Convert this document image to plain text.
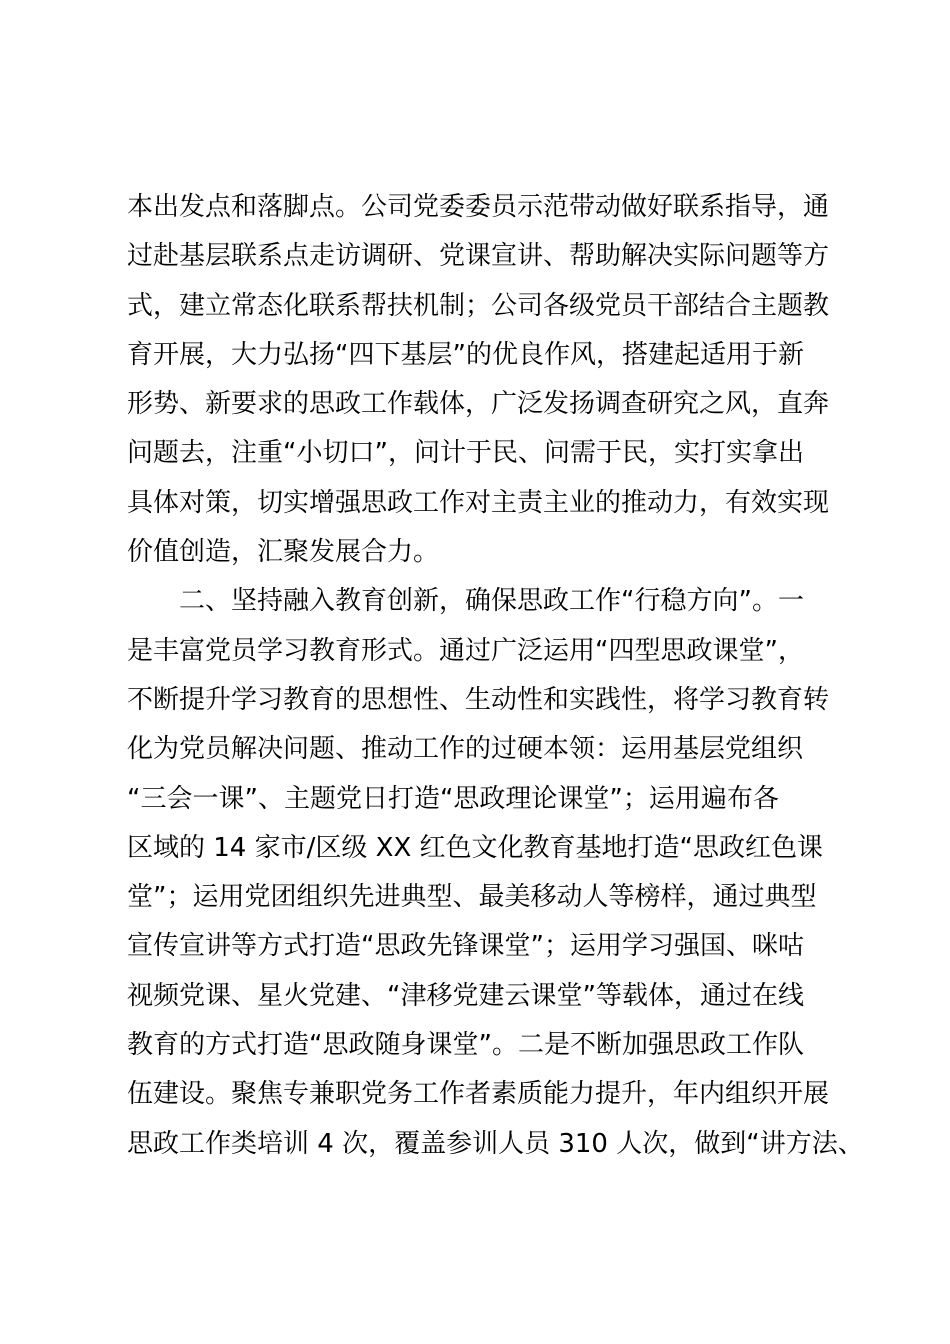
本出发点和落脚点。公司党委委员示范带动做好联系指导，通
过赴基层联系点走访调研、党课宣讲、帮助解决实际问题等方
式，建立常态化联系帮扶机制；公司各级党员干部结合主题教
育开展，大力弘扬“四下基层”的优良作风，搭建起适用于新
形势、新要求的思政工作载体，广泛发扬调查研究之风，直奔
问题去，注重“小切口”，问计于民、问需于民，实打实拿出
具体对策，切实增强思政工作对主责主业的推动力，有效实现
价值创造，汇聚发展合力。
二、坚持融入教育创新，确保思政工作“行稳方向”。一
是丰富党员学习教育形式。通过广泛运用“四型思政课堂”，
不断提升学习教育的思想性、生动性和实践性，将学习教育转
化为党员解决问题、推动工作的过硬本领：运用基层党组织
“三会一课”、主题党日打造“思政理论课堂”；运用遍布各
区域的 14 家市/区级 XX 红色文化教育基地打造“思政红色课
堂”；运用党团组织先进典型、最美移动人等榜样，通过典型
宣传宣讲等方式打造“思政先锋课堂”；运用学习强国、咪咕
视频党课、星火党建、“津移党建云课堂”等载体，通过在线
教育的方式打造“思政随身课堂”。二是不断加强思政工作队
伍建设。聚焦专兼职党务工作者素质能力提升，年内组织开展
思政工作类培训 4 次，覆盖参训人员 310 人次，做到“讲方法、
